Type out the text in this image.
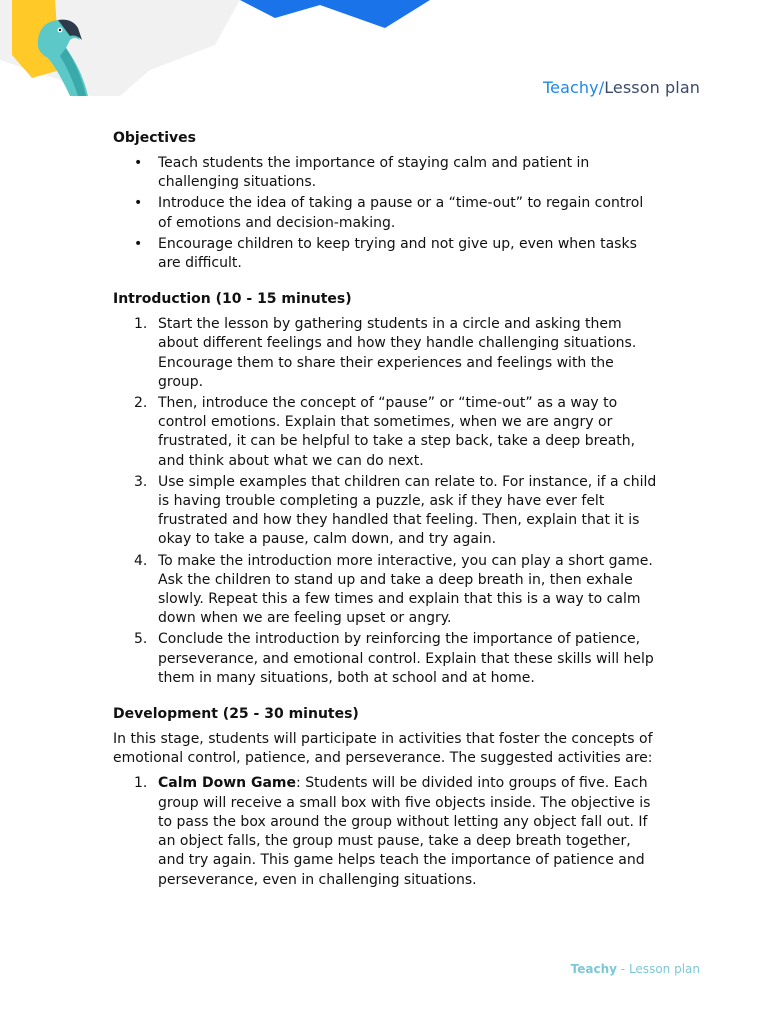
Teachy/Lesson plan
Objectives
• Teach students the importance of staying calm and patient in challenging situations.
• Introduce the idea of taking a pause or a “time-out” to regain control of emotions and decision-making.
• Encourage children to keep trying and not give up, even when tasks are difficult.
Introduction (10 - 15 minutes)
1. Start the lesson by gathering students in a circle and asking them about different feelings and how they handle challenging situations. Encourage them to share their experiences and feelings with the group.
2. Then, introduce the concept of “pause” or “time-out” as a way to control emotions. Explain that sometimes, when we are angry or frustrated, it can be helpful to take a step back, take a deep breath, and think about what we can do next.
3. Use simple examples that children can relate to. For instance, if a child is having trouble completing a puzzle, ask if they have ever felt frustrated and how they handled that feeling. Then, explain that it is okay to take a pause, calm down, and try again.
4. To make the introduction more interactive, you can play a short game. Ask the children to stand up and take a deep breath in, then exhale slowly. Repeat this a few times and explain that this is a way to calm down when we are feeling upset or angry.
5. Conclude the introduction by reinforcing the importance of patience, perseverance, and emotional control. Explain that these skills will help them in many situations, both at school and at home.
Development (25 - 30 minutes)

In this stage, students will participate in activities that foster the concepts of emotional control, patience, and perseverance. The suggested activities are:

1. Calm Down Game: Students will be divided into groups of five. Each group will receive a small box with five objects inside. The objective is to pass the box around the group without letting any object fall out. If an object falls, the group must pause, take a deep breath together, and try again. This game helps teach the importance of patience and perseverance, even in challenging situations.
Teachy - Lesson plan
